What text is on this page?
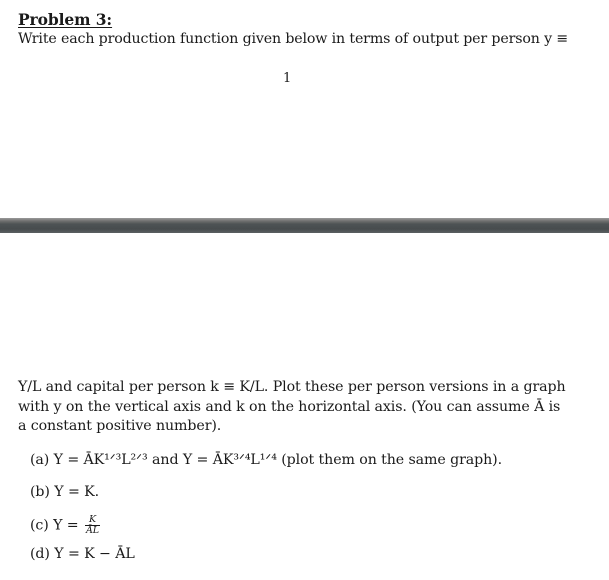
Problem 3:
Write each production function given below in terms of output per person y ≡
1
Y/L and capital per person k ≡ K/L. Plot these per person versions in a graph
with y on the vertical axis and k on the horizontal axis. (You can assume Ā is
a constant positive number).
(a) Y = ĀK¹ᐟ³L²ᐟ³ and Y = ĀK³ᐟ⁴L¹ᐟ⁴ (plot them on the same graph).
(b) Y = K.
(c) $Y = \frac{K}{ĀL}$
(d) Y = K − ĀL
